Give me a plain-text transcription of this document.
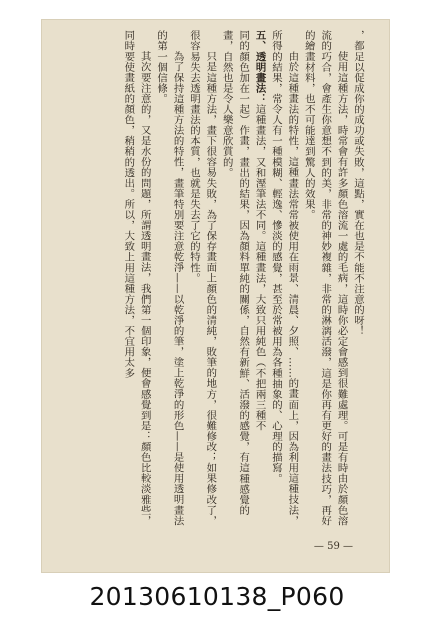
，都足以促成你的成功或失敗，這點，實在也是不能不注意的呀！

使用這種方法，時常會有許多顏色溶流一處的毛病，這時你必定會感到很難處理。可是有時由於顏色溶流的巧合，會產生你意想不到的美，非常的神妙複雜，非常的淋漓活潑，這是你再有更好的畫法技巧，再好的繪畫材料，也不可能達到驚人的效果。

由於這種畫法的特性，這種畫法常常被使用在雨景、清晨、夕照、……的畫面上，因為利用這種技法，所得的結果，常令人有一種模糊、輕逸、慘淡的感覺，甚至於常被用為各種抽象的、心理的描寫。

五、透明畫法：這種畫法，又和溼筆法不同。這種畫法，大致只用純色（不把兩三種不

同的顏色加在一起）作畫，畫出的結果，因為顏料單純的關係，自然有新鮮、活潑的感覺，有這種感覺的畫，自然也是令人樂意欣賞的。

只是這種方法，畫下很容易失敗，為了保存畫面上顏色的清純，敗筆的地方，很難修改；如果修改了，很容易失去透明畫法的本質，也就是失去了它的特性。

為了保持這種方法的特性，畫筆特別要注意乾淨——以乾淨的筆，塗上乾淨的形色——是使用透明畫法的第一個信條。

其次要注意的，又是水份的問題，所謂透明畫法，我們第一個印象，便會感覺到是：顏色比較淡雅些，同時要使畫紙的顏色，稍稍的透出。所以，大致上用這種方法，不宜用太多

— 59 —
20130610138_P060
